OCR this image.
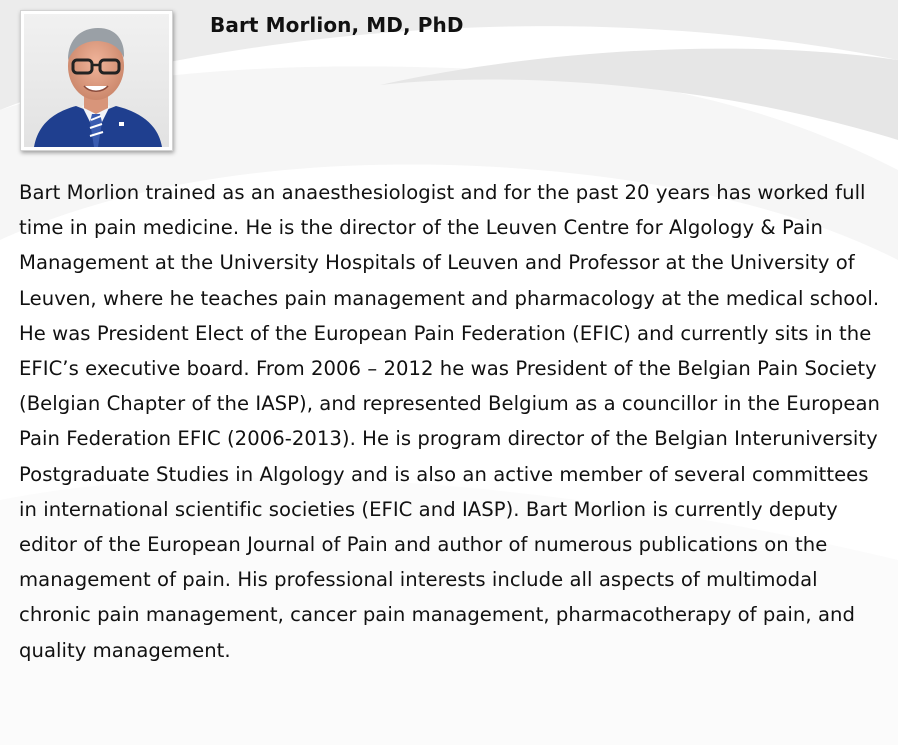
Bart Morlion, MD, PhD

Bart Morlion trained as an anaesthesiologist and for the past 20 years has worked full time in pain medicine. He is the director of the Leuven Centre for Algology & Pain Management at the University Hospitals of Leuven and Professor at the University of Leuven, where he teaches pain management and pharmacology at the medical school. He was President Elect of the European Pain Federation (EFIC) and currently sits in the EFIC’s executive board. From 2006 – 2012 he was President of the Belgian Pain Society (Belgian Chapter of the IASP), and represented Belgium as a councillor in the European Pain Federation EFIC (2006-2013). He is program director of the Belgian Interuniversity Postgraduate Studies in Algology and is also an active member of several committees in international scientific societies (EFIC and IASP). Bart Morlion is currently deputy editor of the European Journal of Pain and author of numerous publications on the management of pain. His professional interests include all aspects of multimodal chronic pain management, cancer pain management, pharmacotherapy of pain, and quality management.
